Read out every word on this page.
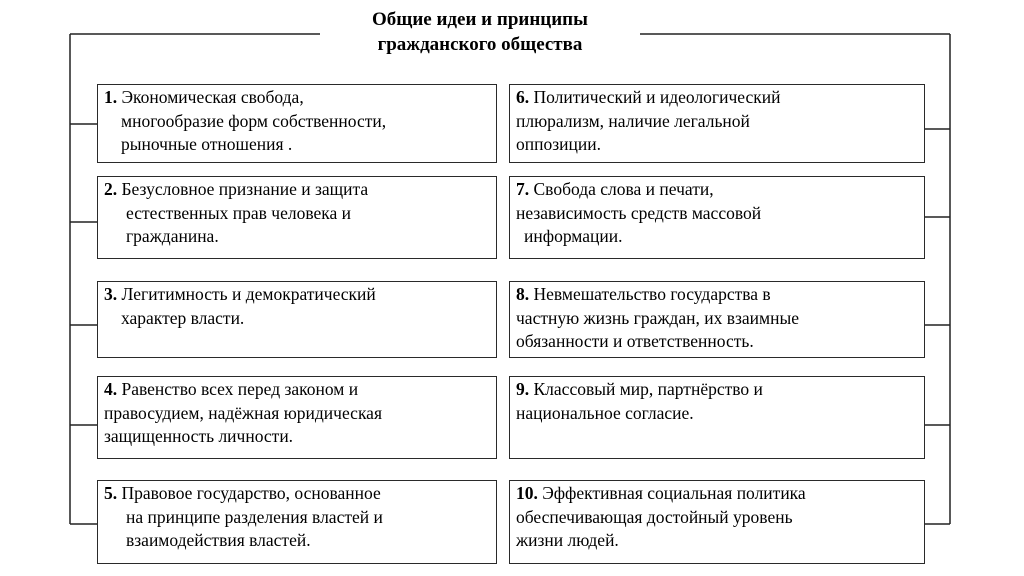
Общие идеи и принципы
гражданского общества
1. Экономическая свобода,
многообразие форм собственности,
рыночные отношения .
2. Безусловное признание и защита
естественных прав человека и
гражданина.
3. Легитимность и демократический
характер власти.
4. Равенство всех перед законом и
правосудием, надёжная юридическая
защищенность личности.
5. Правовое государство, основанное
на принципе разделения властей и
взаимодействия властей.
6. Политический и идеологический
плюрализм, наличие легальной
оппозиции.
7. Свобода слова и печати,
независимость средств массовой
информации.
8. Невмешательство государства в
частную жизнь граждан, их взаимные
обязанности и ответственность.
9. Классовый мир, партнёрство и
национальное согласие.
10. Эффективная социальная политика
обеспечивающая достойный уровень
жизни людей.
